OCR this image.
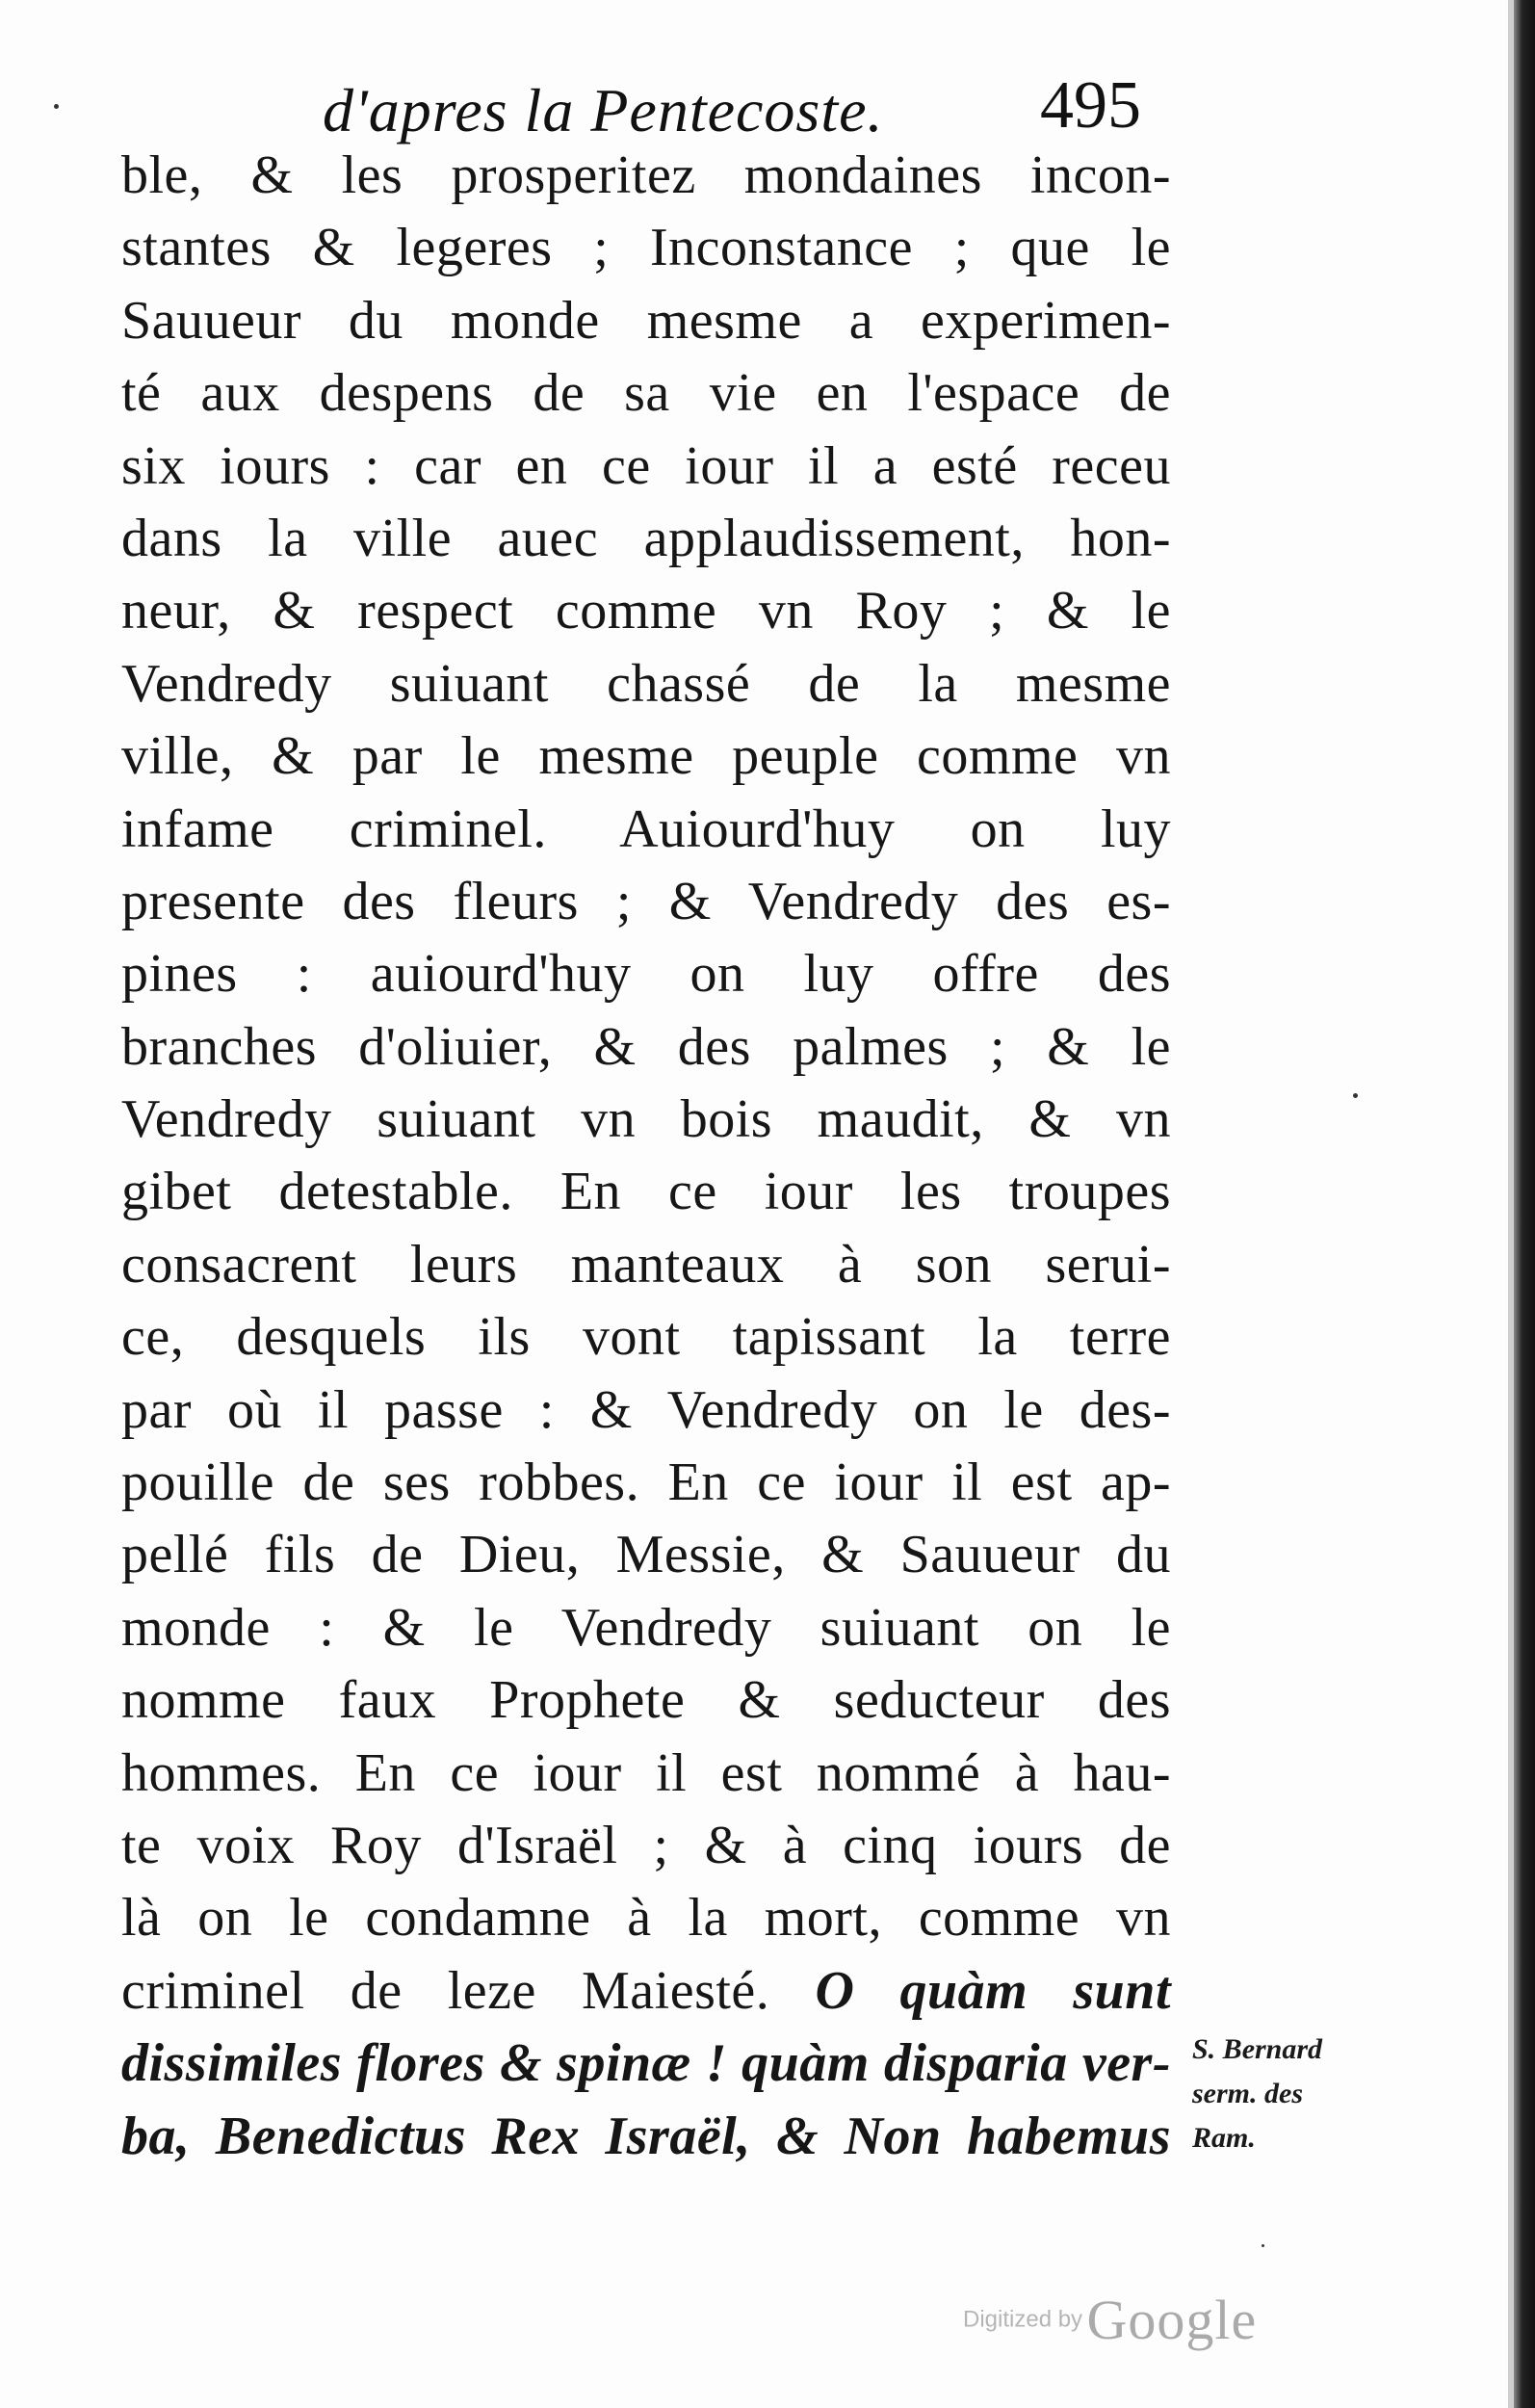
d'apres la Pentecoste. 495
ble, & les prosperitez mondaines incon-
stantes & legeres ; Inconstance ; que le
Sauueur du monde mesme a experimen-
té aux despens de sa vie en l'espace de
six iours : car en ce iour il a esté receu
dans la ville auec applaudissement, hon-
neur, & respect comme vn Roy ; & le
Vendredy suiuant chassé de la mesme
ville, & par le mesme peuple comme vn
infame criminel. Auiourd'huy on luy
presente des fleurs ; & Vendredy des es-
pines : auiourd'huy on luy offre des
branches d'oliuier, & des palmes ; & le
Vendredy suiuant vn bois maudit, & vn
gibet detestable. En ce iour les troupes
consacrent leurs manteaux à son serui-
ce, desquels ils vont tapissant la terre
par où il passe : & Vendredy on le des-
pouille de ses robbes. En ce iour il est ap-
pellé fils de Dieu, Messie, & Sauueur du
monde : & le Vendredy suiuant on le
nomme faux Prophete & seducteur des
hommes. En ce iour il est nommé à hau-
te voix Roy d'Israël ; & à cinq iours de
là on le condamne à la mort, comme vn
criminel de leze Maiesté. O quàm sunt
dissimiles flores & spinæ ! quàm disparia ver-
ba, Benedictus Rex Israël, & Non habemus
S. Bernard
serm. des
Ram.
Digitized by Google
